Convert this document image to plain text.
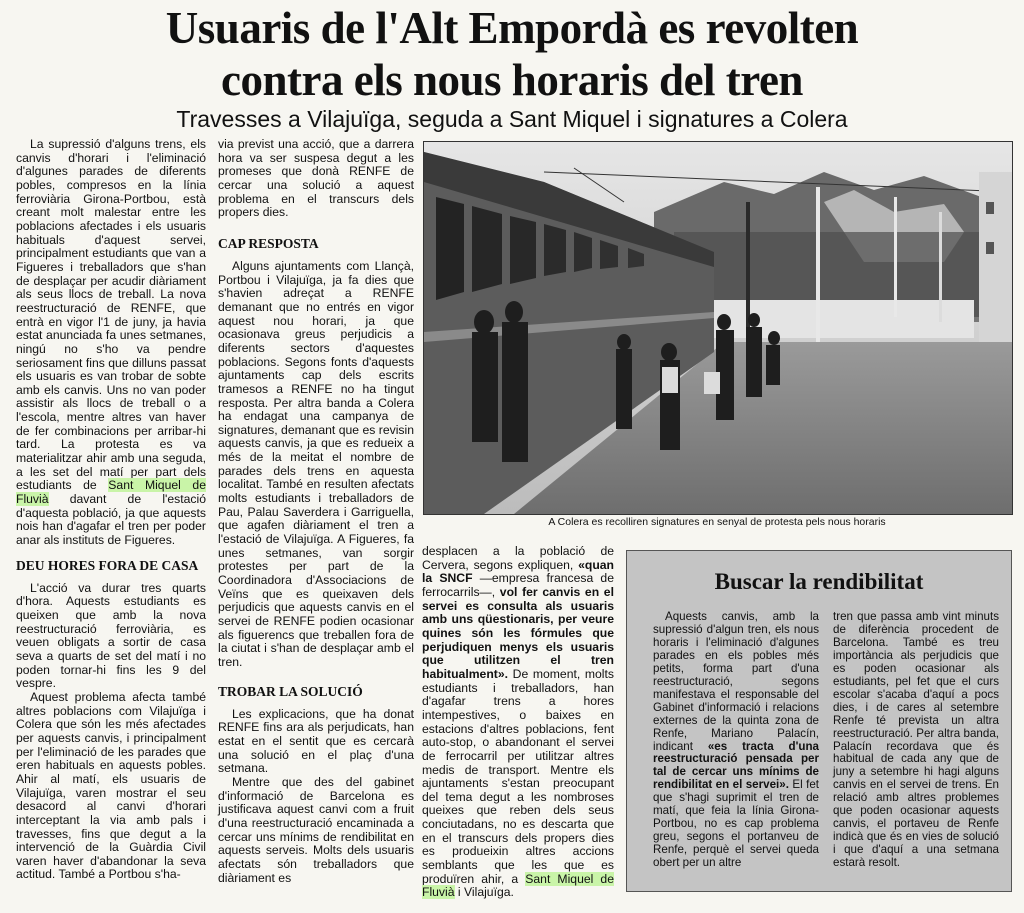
Usuaris de l'Alt Empordà es revolten
contra els nous horaris del tren
Travesses a Vilajuïga, seguda a Sant Miquel i signatures a Colera

La supressió d'alguns trens, els canvis d'horari i l'eliminació d'algunes parades de diferents pobles, compresos en la línia ferroviària Girona-Portbou, està creant molt malestar entre les poblacions afectades i els usuaris habituals d'aquest servei, principalment estudiants que van a Figueres i treballadors que s'han de desplaçar per acudir diàriament als seus llocs de treball. La nova reestructuració de RENFE, que entrà en vigor l'1 de juny, ja havia estat anunciada fa unes setmanes, ningú no s'ho va pendre seriosament fins que dilluns passat els usuaris es van trobar de sobte amb els canvis. Uns no van poder assistir als llocs de treball o a l'escola, mentre altres van haver de fer combinacions per arribar-hi tard. La protesta es va materialitzar ahir amb una seguda, a les set del matí per part dels estudiants de Sant Miquel de Fluvià davant de l'estació d'aquesta població, ja que aquests nois han d'agafar el tren per poder anar als instituts de Figueres.

DEU HORES FORA DE CASA

L'acció va durar tres quarts d'hora. Aquests estudiants es queixen que amb la nova reestructuració ferroviària, es veuen obligats a sortir de casa seva a quarts de set del matí i no poden tornar-hi fins les 9 del vespre.

Aquest problema afecta també altres poblacions com Vilajuïga i Colera que són les més afectades per aquests canvis, i principalment per l'eliminació de les parades que eren habituals en aquests pobles. Ahir al matí, els usuaris de Vilajuïga, varen mostrar el seu desacord al canvi d'horari interceptant la via amb pals i travesses, fins que degut a la intervenció de la Guàrdia Civil varen haver d'abandonar la seva actitud. També a Portbou s'ha-

via previst una acció, que a darrera hora va ser suspesa degut a les promeses que donà RENFE de cercar una solució a aquest problema en el transcurs dels propers dies.

CAP RESPOSTA

Alguns ajuntaments com Llançà, Portbou i Vilajuïga, ja fa dies que s'havien adreçat a RENFE demanant que no entrés en vigor aquest nou horari, ja que ocasionava greus perjudicis a diferents sectors d'aquestes poblacions. Segons fonts d'aquests ajuntaments cap dels escrits tramesos a RENFE no ha tingut resposta. Per altra banda a Colera ha endagat una campanya de signatures, demanant que es revisin aquests canvis, ja que es redueix a més de la meitat el nombre de parades dels trens en aquesta localitat. També en resulten afectats molts estudiants i treballadors de Pau, Palau Saverdera i Garriguella, que agafen diàriament el tren a l'estació de Vilajuïga. A Figueres, fa unes setmanes, van sorgir protestes per part de la Coordinadora d'Associacions de Veïns que es queixaven dels perjudicis que aquests canvis en el servei de RENFE podien ocasionar als figuerencs que treballen fora de la ciutat i s'han de desplaçar amb el tren.

TROBAR LA SOLUCIÓ

Les explicacions, que ha donat RENFE fins ara als perjudicats, han estat en el sentit que es cercarà una solució en el plaç d'una setmana.

Mentre que des del gabinet d'informació de Barcelona es justificava aquest canvi com a fruit d'una reestructuració encaminada a cercar uns mínims de rendibilitat en aquests serveis. Molts dels usuaris afectats són treballadors que diàriament es

A Colera es recolliren signatures en senyal de protesta pels nous horaris

desplacen a la població de Cervera, segons expliquen, «quan la SNCF —empresa francesa de ferrocarrils—, vol fer canvis en el servei es consulta als usuaris amb uns qüestionaris, per veure quines són les fórmules que perjudiquen menys els usuaris que utilitzen el tren habitualment». De moment, molts estudiants i treballadors, han d'agafar trens a hores intempestives, o baixes en estacions d'altres poblacions, fent auto-stop, o abandonant el servei de ferrocarril per utilitzar altres medis de transport. Mentre els ajuntaments s'estan preocupant del tema degut a les nombroses queixes que reben dels seus conciutadans, no es descarta que en el transcurs dels propers dies es produeixin altres accions semblants que les que es produïren ahir, a Sant Miquel de Fluvià i Vilajuïga.

Buscar la rendibilitat

Aquests canvis, amb la supressió d'algun tren, els nous horaris i l'eliminació d'algunes parades en els pobles més petits, forma part d'una reestructuració, segons manifestava el responsable del Gabinet d'informació i relacions externes de la quinta zona de Renfe, Mariano Palacín, indicant «es tracta d'una reestructuració pensada per tal de cercar uns mínims de rendibilitat en el servei». El fet que s'hagi suprimit el tren de matí, que feia la línia Girona-Portbou, no es cap problema greu, segons el portanveu de Renfe, perquè el servei queda obert per un altre

tren que passa amb vint minuts de diferència procedent de Barcelona. També es treu importància als perjudicis que es poden ocasionar als estudiants, pel fet que el curs escolar s'acaba d'aquí a pocs dies, i de cares al setembre Renfe té prevista un altra reestructuració. Per altra banda, Palacín recordava que és habitual de cada any que de juny a setembre hi hagi alguns canvis en el servei de trens. En relació amb altres problemes que poden ocasionar aquests canvis, el portaveu de Renfe indicà que és en vies de solució i que d'aquí a una setmana estarà resolt.
